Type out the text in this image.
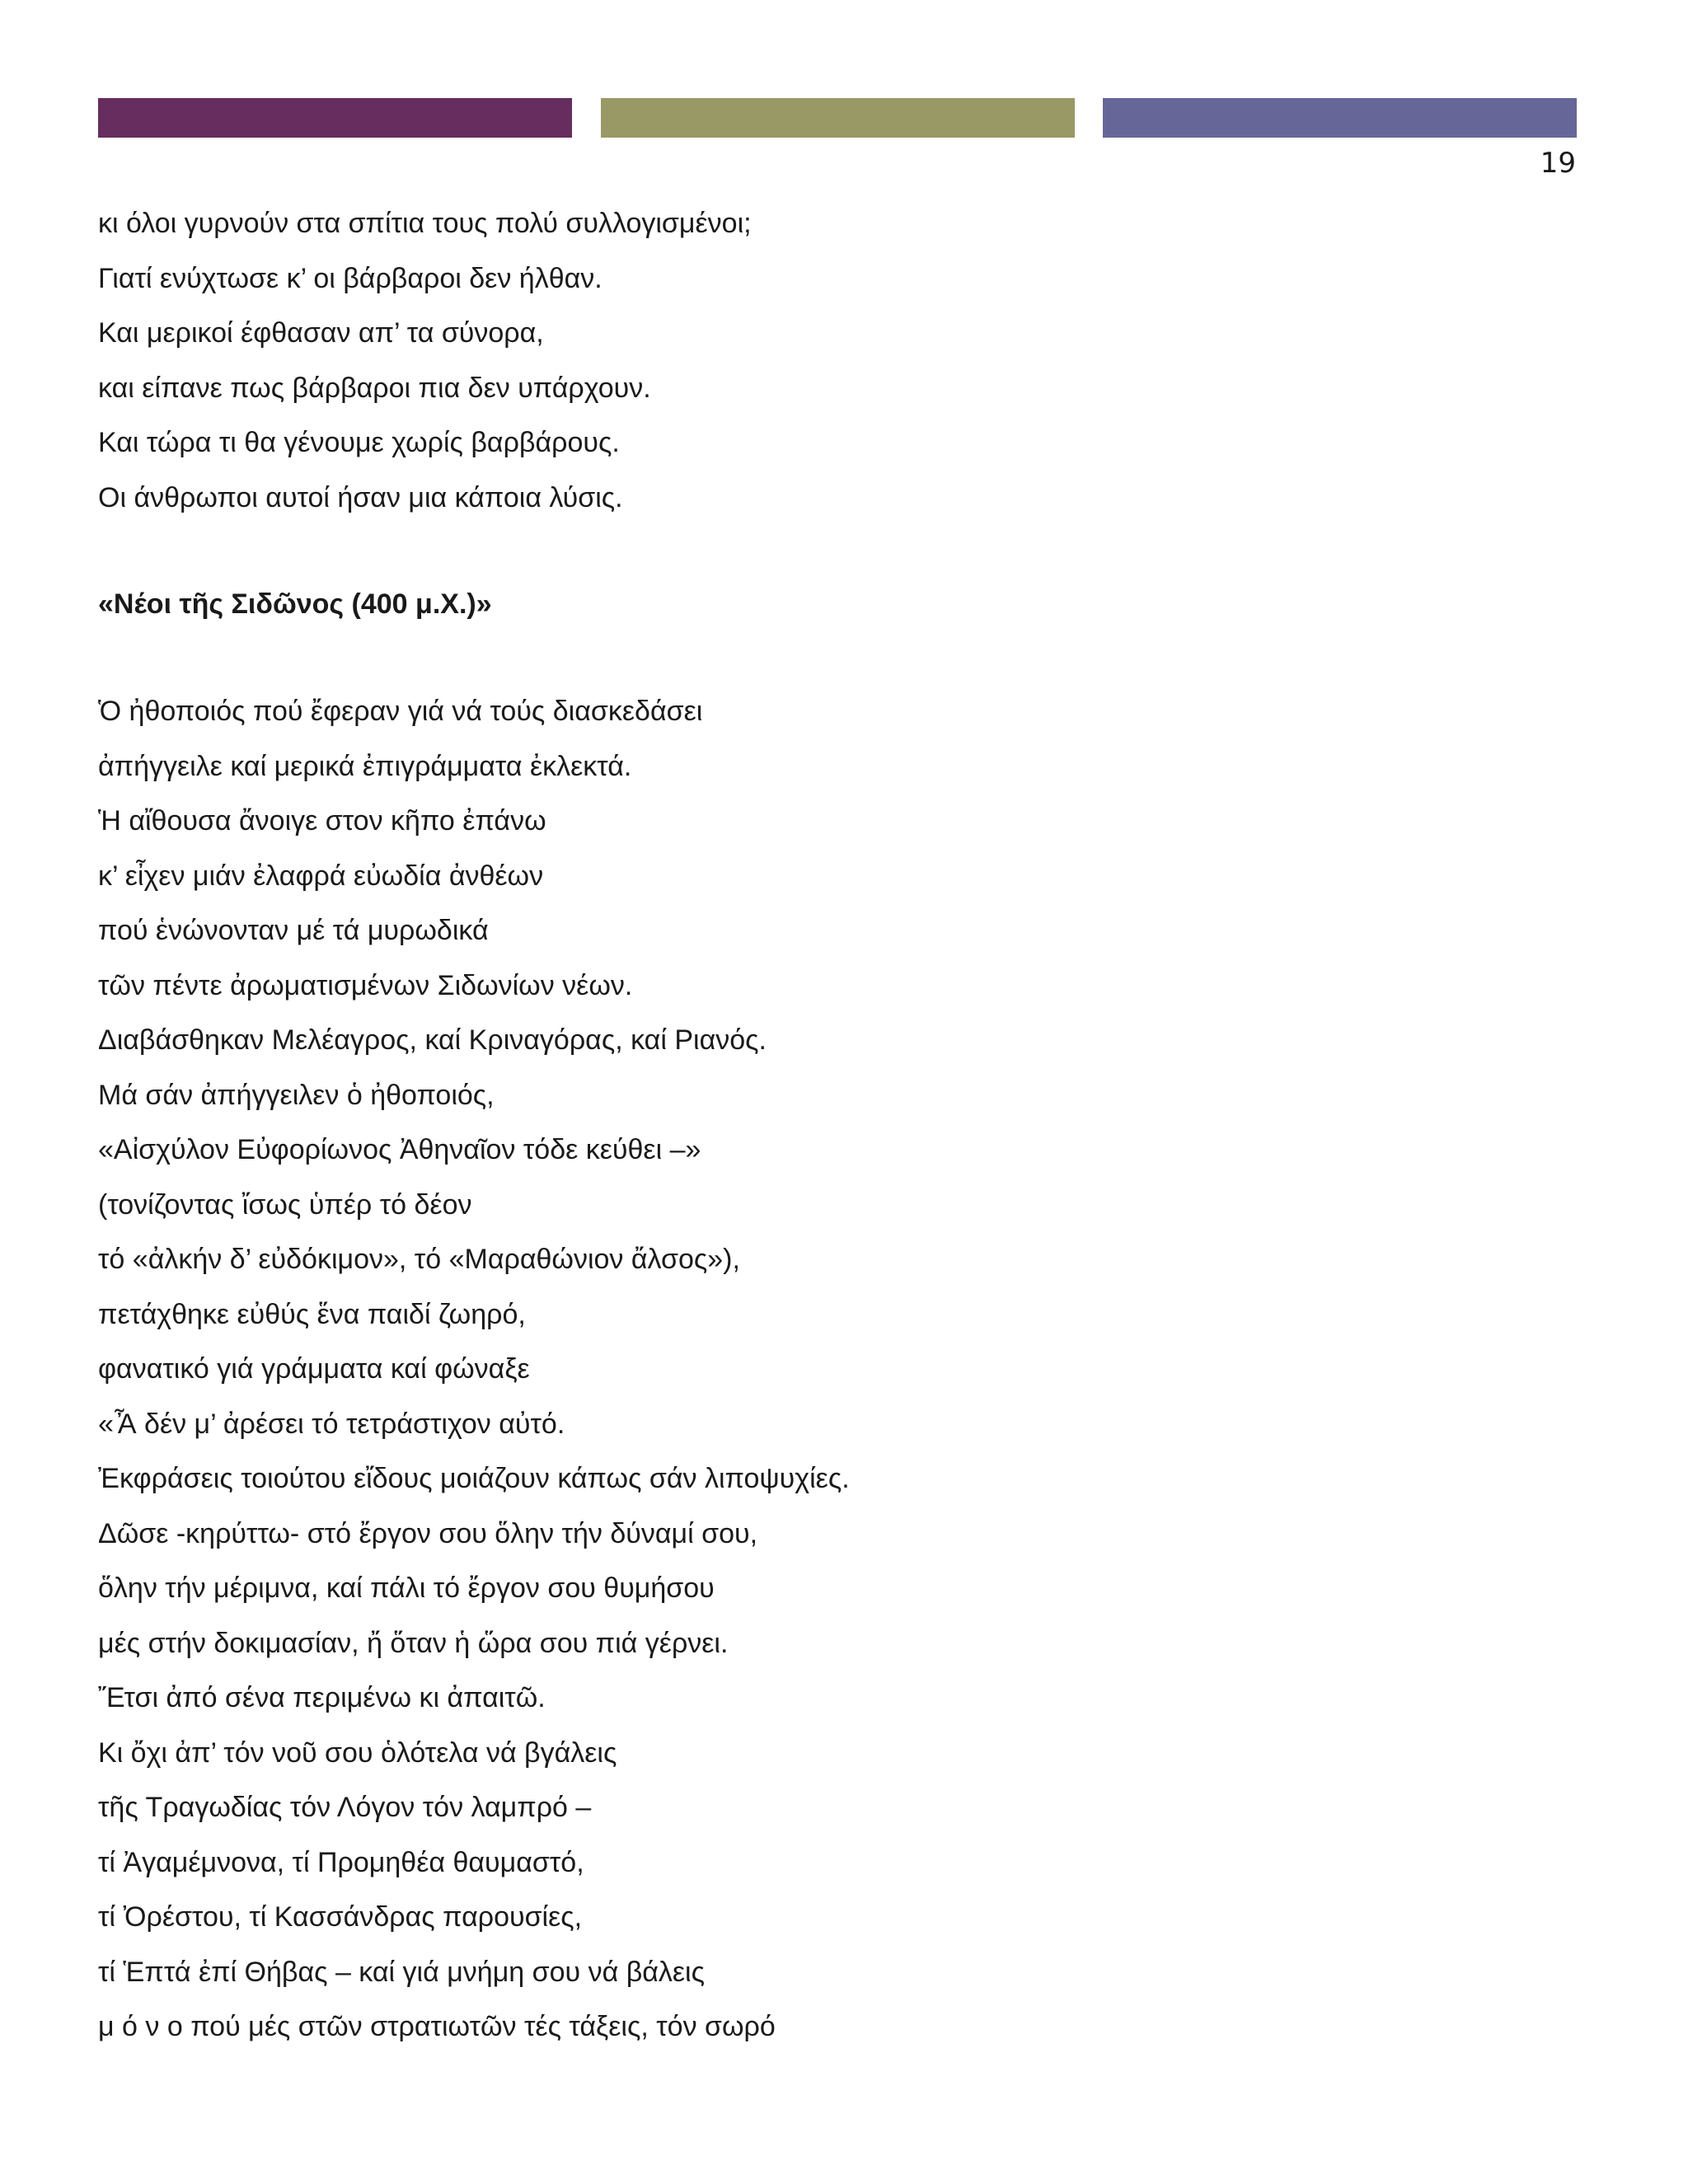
19
κι όλοι γυρνούν στα σπίτια τους πολύ συλλογισμένοι;
Γιατί ενύχτωσε κ’ οι βάρβαροι δεν ήλθαν.
Και μερικοί έφθασαν απ’ τα σύνορα,
και είπανε πως βάρβαροι πια δεν υπάρχουν.
Και τώρα τι θα γένουμε χωρίς βαρβάρους.
Οι άνθρωποι αυτοί ήσαν μια κάποια λύσις.
«Νέοι τῆς Σιδῶνος (400 μ.Χ.)»
Ὁ ἠθοποιός πού ἔφεραν γιά νά τούς διασκεδάσει
ἀπήγγειλε καί μερικά ἐπιγράμματα ἐκλεκτά.
Ἡ αἴθουσα ἄνοιγε στον κῆπο ἐπάνω
κ’ εἶχεν μιάν ἐλαφρά εὐωδία ἀνθέων
πού ἑνώνονταν μέ τά μυρωδικά
τῶν πέντε ἀρωματισμένων Σιδωνίων νέων.
Διαβάσθηκαν Μελέαγρος, καί Κριναγόρας, καί Ριανός.
Μά σάν ἀπήγγειλεν ὁ ἠθοποιός,
«Αἰσχύλον Εὐφορίωνος Ἀθηναῖον τόδε κεύθει –»
(τονίζοντας ἴσως ὑπέρ τό δέον
τό «ἀλκήν δ’ εὐδόκιμον», τό «Μαραθώνιον ἄλσος»),
πετάχθηκε εὐθύς ἕνα παιδί ζωηρό,
φανατικό γιά γράμματα καί φώναξε
«Ἆ δέν μ’ ἀρέσει τό τετράστιχον αὐτό.
Ἐκφράσεις τοιούτου εἴδους μοιάζουν κάπως σάν λιποψυχίες.
Δῶσε -κηρύττω- στό ἔργον σου ὅλην τήν δύναμί σου,
ὅλην τήν μέριμνα, καί πάλι τό ἔργον σου θυμήσου
μές στήν δοκιμασίαν, ἤ ὅταν ἡ ὥρα σου πιά γέρνει.
Ἔτσι ἀπό σένα περιμένω κι ἀπαιτῶ.
Κι ὄχι ἀπ’ τόν νοῦ σου ὁλότελα νά βγάλεις
τῆς Τραγωδίας τόν Λόγον τόν λαμπρό –
τί Ἀγαμέμνονα, τί Προμηθέα θαυμαστό,
τί Ὀρέστου, τί Κασσάνδρας παρουσίες,
τί Ἑπτά ἐπί Θήβας – καί γιά μνήμη σου νά βάλεις
μ ό ν ο πού μές στῶν στρατιωτῶν τές τάξεις, τόν σωρό
